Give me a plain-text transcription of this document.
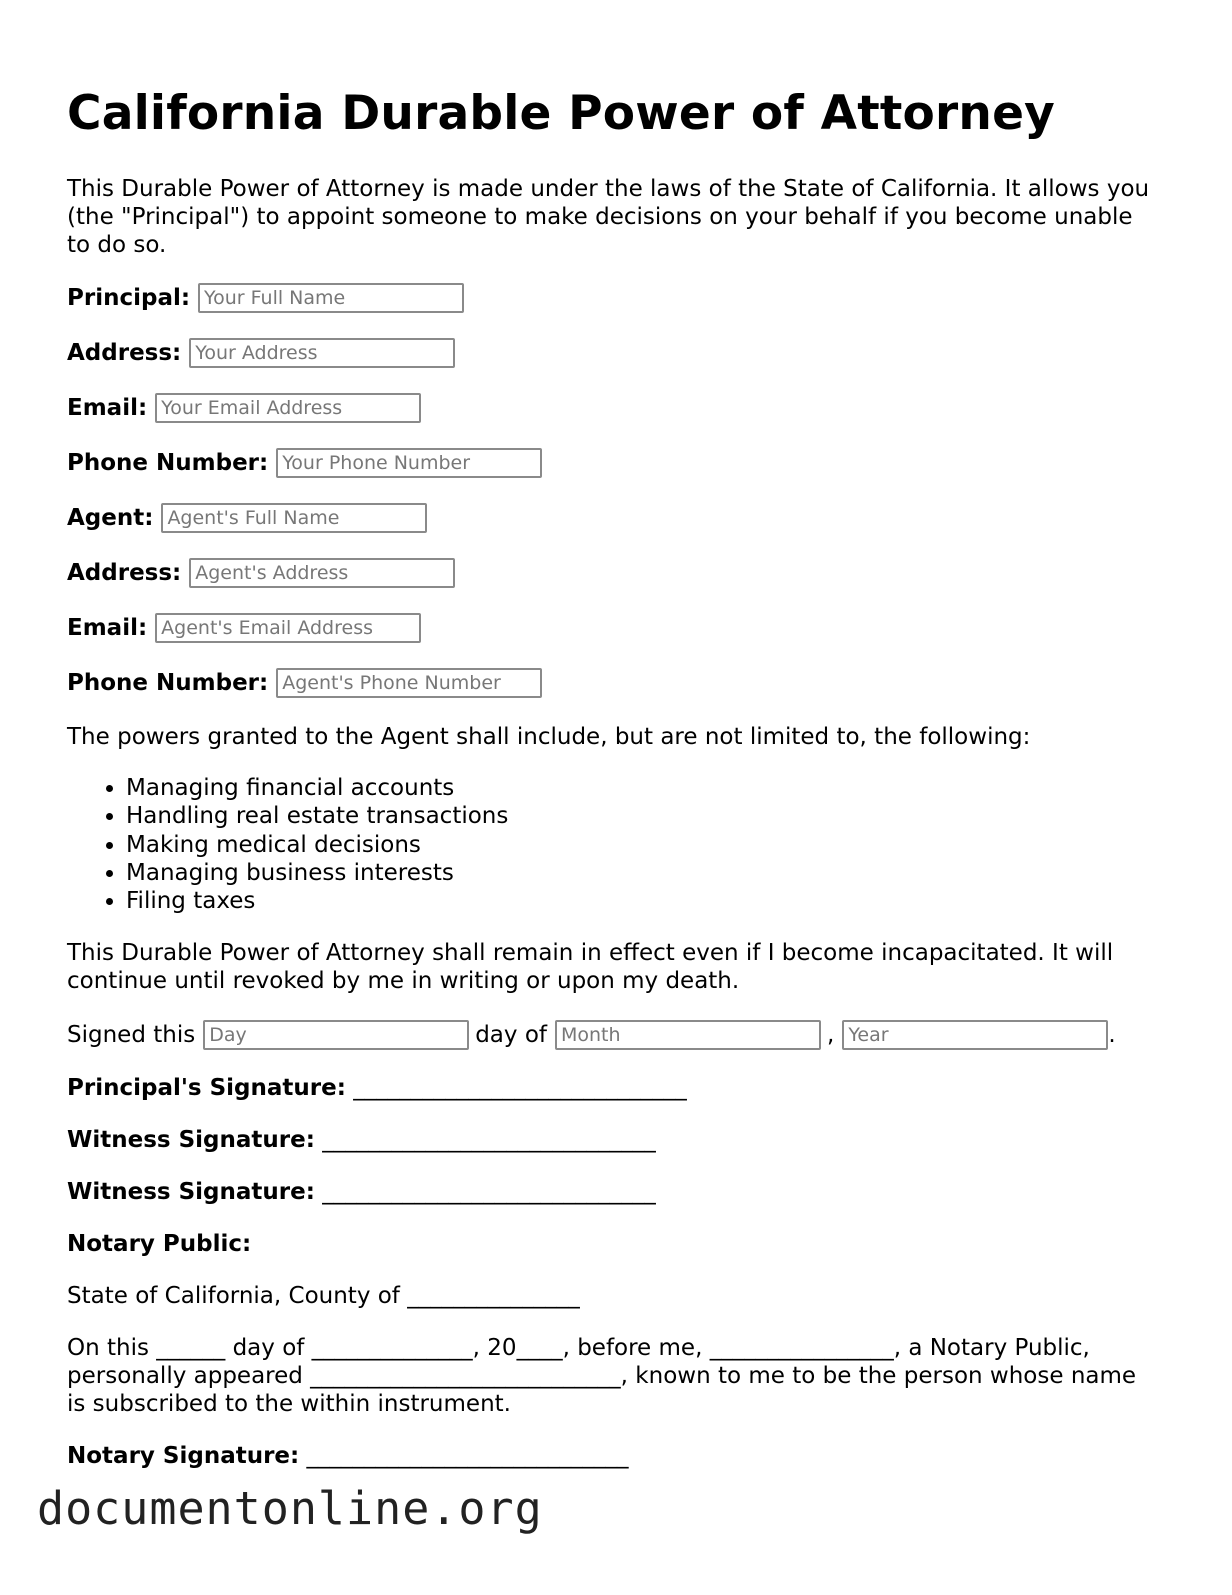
California Durable Power of Attorney

This Durable Power of Attorney is made under the laws of the State of California. It allows you (the "Principal") to appoint someone to make decisions on your behalf if you become unable to do so.

Principal:
Your Full Name
Address:
Your Address
Email:
Your Email Address
Phone Number:
Your Phone Number
Agent:
Agent's Full Name
Address:
Agent's Address
Email:
Agent's Email Address
Phone Number:
Agent's Phone Number

The powers granted to the Agent shall include, but are not limited to, the following:

• Managing financial accounts
• Handling real estate transactions
• Making medical decisions
• Managing business interests
• Filing taxes

This Durable Power of Attorney shall remain in effect even if I become incapacitated. It will continue until revoked by me in writing or upon my death.

Signed this
Day	day of
Month	,
Year	.
Principal's Signature: _____________________________
Witness Signature: _____________________________
Witness Signature: _____________________________
Notary Public:

State of California, County of _______________

On this ______ day of ______________, 20____, before me, ________________, a Notary Public, personally appeared ___________________________, known to me to be the person whose name is subscribed to the within instrument.

Notary Signature: ____________________________
documentonline.org
